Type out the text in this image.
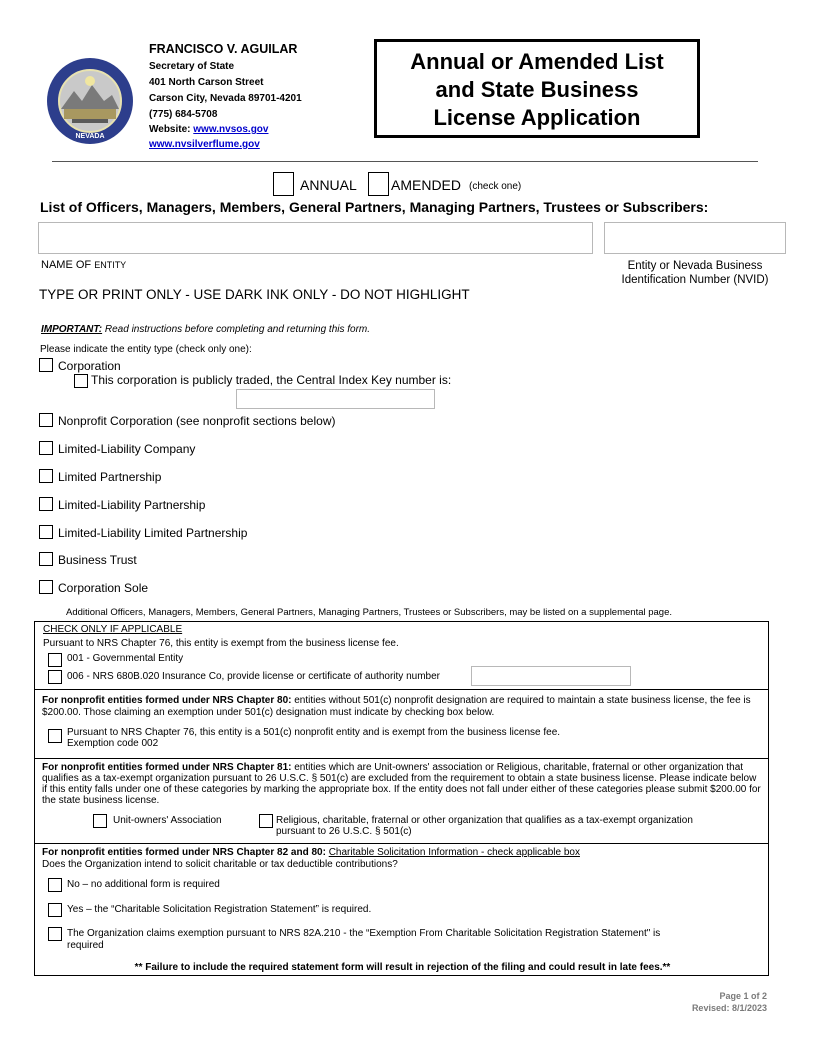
NEVADA
FRANCISCO V. AGUILAR
Secretary of State
401 North Carson Street
Carson City, Nevada 89701-4201
(775) 684-5708
Website: www.nvsos.gov
www.nvsilverflume.gov
Annual or Amended List
and State Business
License Application
ANNUAL AMENDED (check one)
List of Officers, Managers, Members, General Partners, Managing Partners, Trustees or Subscribers:
NAME OF ENTITY	Entity or Nevada Business
Identification Number (NVID)
TYPE OR PRINT ONLY - USE DARK INK ONLY - DO NOT HIGHLIGHT
IMPORTANT: Read instructions before completing and returning this form.
Please indicate the entity type (check only one):
Corporation
This corporation is publicly traded, the Central Index Key number is:
Nonprofit Corporation (see nonprofit sections below)
Limited-Liability Company
Limited Partnership
Limited-Liability Partnership
Limited-Liability Limited Partnership
Business Trust
Corporation Sole
Additional Officers, Managers, Members, General Partners, Managing Partners, Trustees or Subscribers, may be listed on a supplemental page.
CHECK ONLY IF APPLICABLE
Pursuant to NRS Chapter 76, this entity is exempt from the business license fee.
001 - Governmental Entity
006 - NRS 680B.020 Insurance Co, provide license or certificate of authority number
For nonprofit entities formed under NRS Chapter 80: entities without 501(c) nonprofit designation are required to maintain a state business license, the fee is $200.00. Those claiming an exemption under 501(c) designation must indicate by checking box below.
Pursuant to NRS Chapter 76, this entity is a 501(c) nonprofit entity and is exempt from the business license fee.
Exemption code 002
For nonprofit entities formed under NRS Chapter 81: entities which are Unit-owners' association or Religious, charitable, fraternal or other organization that qualifies as a tax-exempt organization pursuant to 26 U.S.C. § 501(c) are excluded from the requirement to obtain a state business license. Please indicate below if this entity falls under one of these categories by marking the appropriate box. If the entity does not fall under either of these categories please submit $200.00 for the state business license.
Unit-owners' Association	Religious, charitable, fraternal or other organization that qualifies as a tax-exempt organization
pursuant to 26 U.S.C. § 501(c)
For nonprofit entities formed under NRS Chapter 82 and 80: Charitable Solicitation Information - check applicable box
Does the Organization intend to solicit charitable or tax deductible contributions?
No – no additional form is required
Yes – the “Charitable Solicitation Registration Statement” is required.
The Organization claims exemption pursuant to NRS 82A.210 - the “Exemption From Charitable Solicitation Registration Statement" is
required
** Failure to include the required statement form will result in rejection of the filing and could result in late fees.**
Page 1 of 2
Revised: 8/1/2023
